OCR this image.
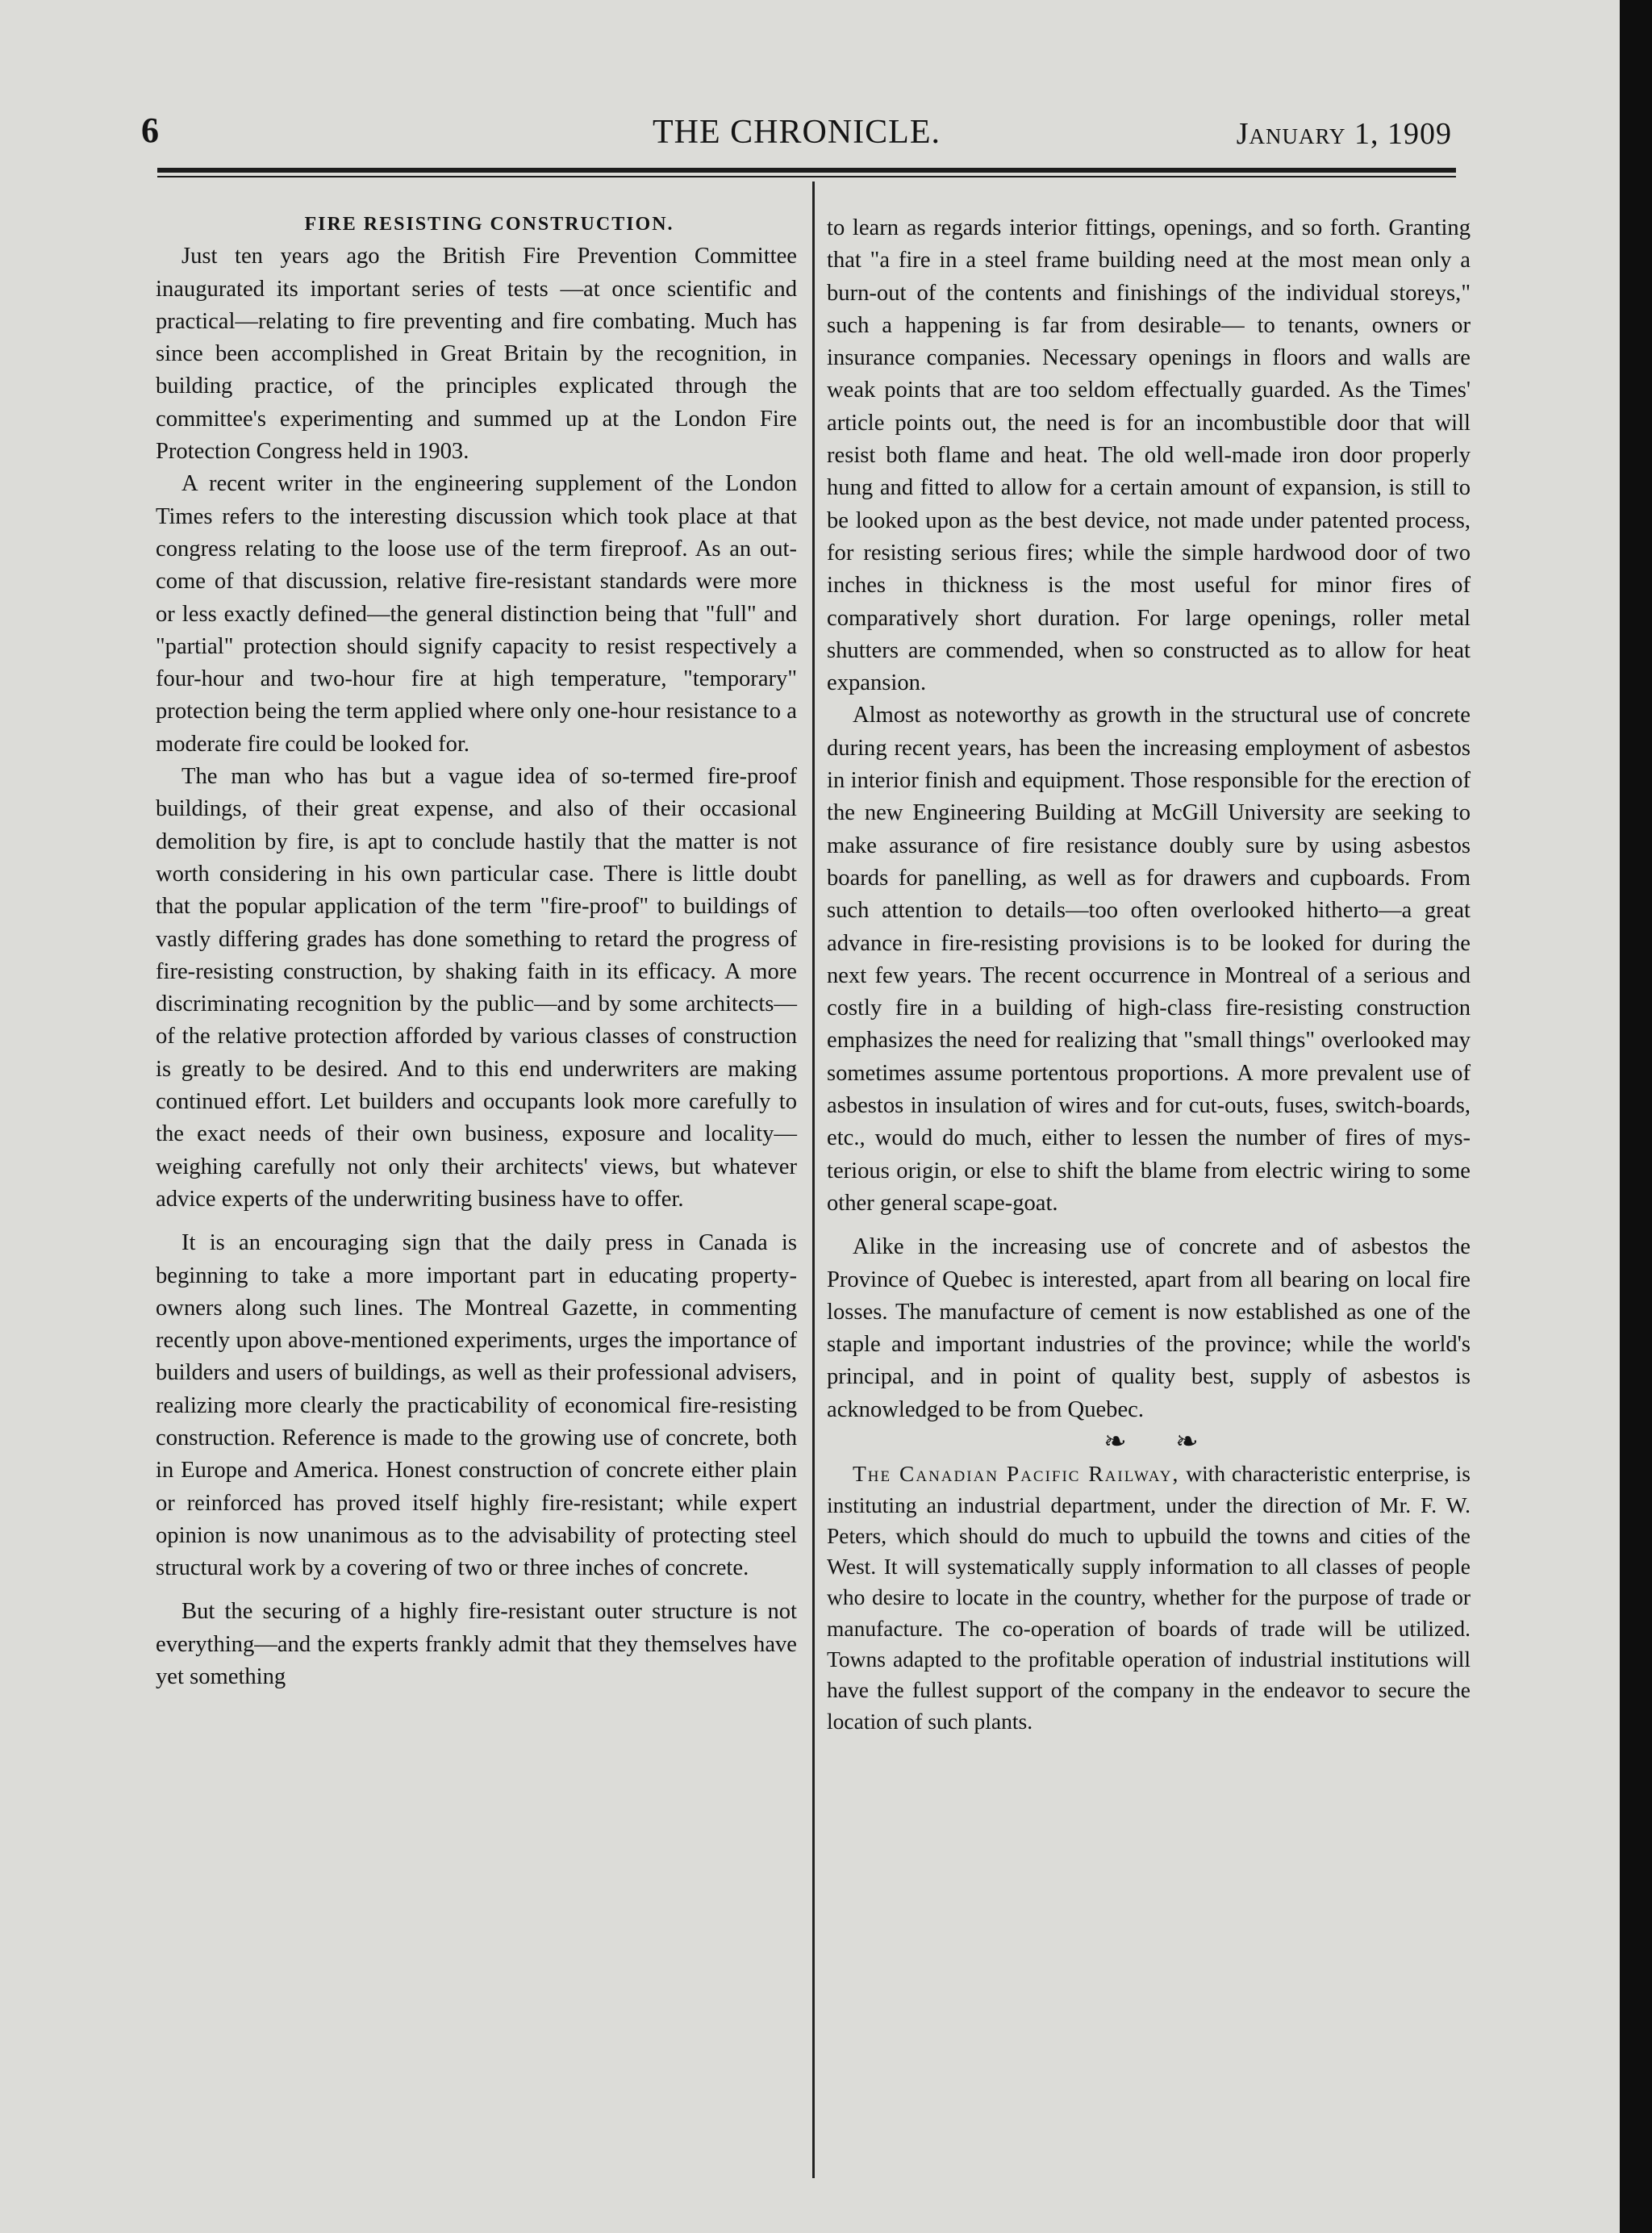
6	THE CHRONICLE.	January 1, 1909

FIRE RESISTING CONSTRUCTION.

Just ten years ago the British Fire Prevention Committee inaugurated its important series of tests —at once scientific and practical—relating to fire preventing and fire combating. Much has since been accomplished in Great Britain by the recognition, in building practice, of the principles explicated through the committee's experimenting and summed up at the London Fire Protection Congress held in 1903.

A recent writer in the engineering supplement of the London Times refers to the interesting discussion which took place at that congress relating to the loose use of the term fireproof. As an outcome of that discussion, relative fire-resistant standards were more or less exactly defined—the general distinction being that "full" and "partial" protection should signify capacity to resist respectively a four-hour and two-hour fire at high temperature, "temporary" protection being the term applied where only one-hour resistance to a moderate fire could be looked for.

The man who has but a vague idea of so-termed fire-proof buildings, of their great expense, and also of their occasional demolition by fire, is apt to conclude hastily that the matter is not worth considering in his own particular case. There is little doubt that the popular application of the term "fire-proof" to buildings of vastly differing grades has done something to retard the progress of fire-resisting construction, by shaking faith in its efficacy. A more discriminating recognition by the public—and by some architects—of the relative protection afforded by various classes of construction is greatly to be desired. And to this end underwriters are making continued effort. Let builders and occupants look more carefully to the exact needs of their own business, exposure and locality—weighing carefully not only their architects' views, but whatever advice experts of the underwriting business have to offer.

It is an encouraging sign that the daily press in Canada is beginning to take a more important part in educating property-owners along such lines. The Montreal Gazette, in commenting recently upon above-mentioned experiments, urges the importance of builders and users of buildings, as well as their professional advisers, realizing more clearly the practicability of economical fire-resisting construction. Reference is made to the growing use of concrete, both in Europe and America. Honest construction of concrete either plain or reinforced has proved itself highly fire-resistant; while expert opinion is now unanimous as to the advisability of protecting steel structural work by a covering of two or three inches of concrete.

But the securing of a highly fire-resistant outer structure is not everything—and the experts frankly admit that they themselves have yet something

to learn as regards interior fittings, openings, and so forth. Granting that "a fire in a steel frame building need at the most mean only a burn-out of the contents and finishings of the individual storeys," such a happening is far from desirable— to tenants, owners or insurance companies. Necessary openings in floors and walls are weak points that are too seldom effectually guarded. As the Times' article points out, the need is for an incombustible door that will resist both flame and heat. The old well-made iron door properly hung and fitted to allow for a certain amount of expansion, is still to be looked upon as the best device, not made under patented process, for resisting serious fires; while the simple hardwood door of two inches in thickness is the most useful for minor fires of comparatively short duration. For large openings, roller metal shutters are commended, when so constructed as to allow for heat expansion.

Almost as noteworthy as growth in the structural use of concrete during recent years, has been the increasing employment of asbestos in interior finish and equipment. Those responsible for the erection of the new Engineering Building at McGill University are seeking to make assurance of fire resistance doubly sure by using asbestos boards for panelling, as well as for drawers and cupboards. From such attention to details—too often overlooked hitherto—a great advance in fire-resisting provisions is to be looked for during the next few years. The recent occurrence in Montreal of a serious and costly fire in a building of high-class fire-resisting construction emphasizes the need for realizing that "small things" overlooked may sometimes assume portentous proportions. A more prevalent use of asbestos in insulation of wires and for cut-outs, fuses, switch-boards, etc., would do much, either to lessen the number of fires of mysterious origin, or else to shift the blame from electric wiring to some other general scape-goat.

Alike in the increasing use of concrete and of asbestos the Province of Quebec is interested, apart from all bearing on local fire losses. The manufacture of cement is now established as one of the staple and important industries of the province; while the world's principal, and in point of quality best, supply of asbestos is acknowledged to be from Quebec.

❧ ❧

The Canadian Pacific Railway, with characteristic enterprise, is instituting an industrial department, under the direction of Mr. F. W. Peters, which should do much to upbuild the towns and cities of the West. It will systematically supply information to all classes of people who desire to locate in the country, whether for the purpose of trade or manufacture. The co-operation of boards of trade will be utilized. Towns adapted to the profitable operation of industrial institutions will have the fullest support of the company in the endeavor to secure the location of such plants.
